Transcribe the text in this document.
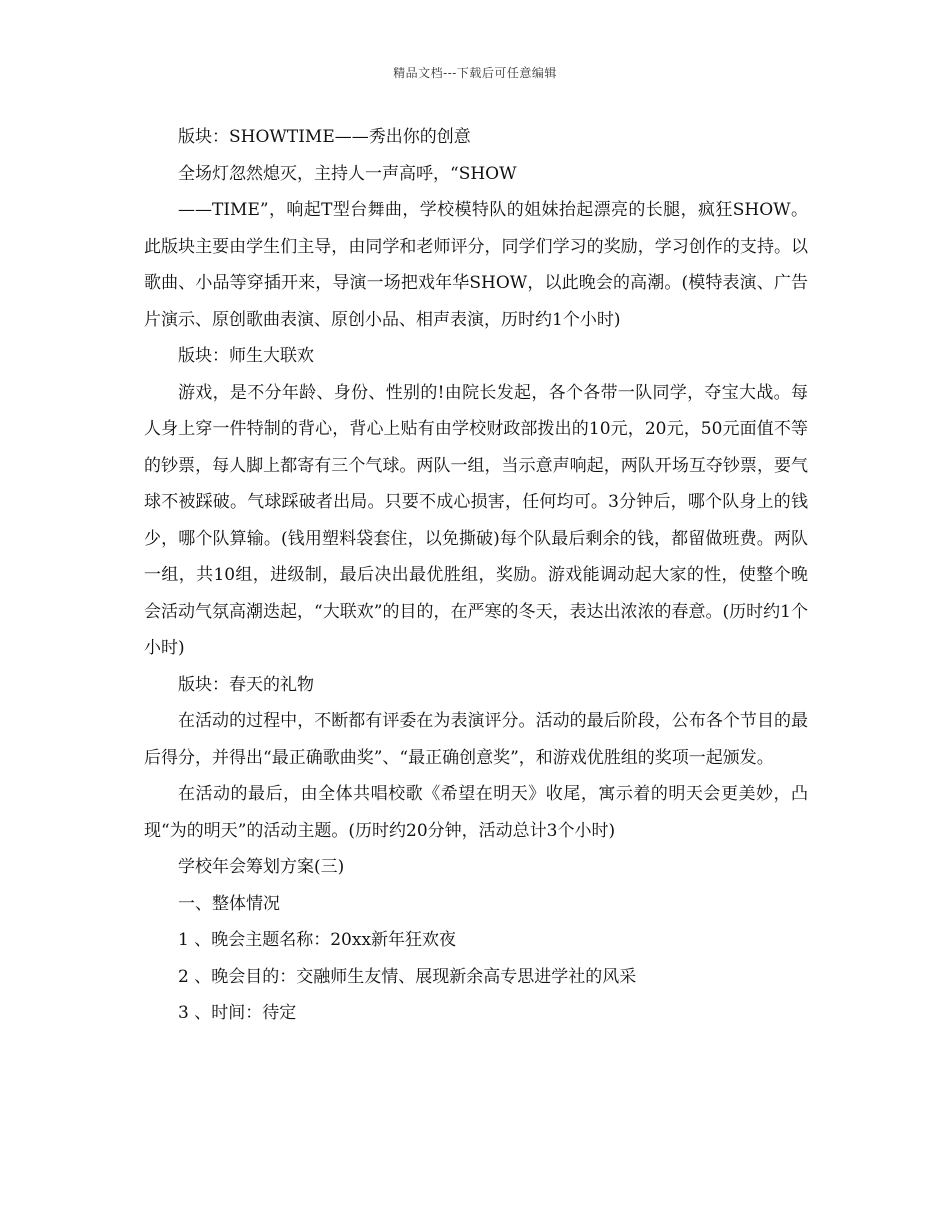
精品文档---下载后可任意编辑

版块：SHOWTIME——秀出你的创意

全场灯忽然熄灭，主持人一声高呼，“SHOW

——TIME”，响起T型台舞曲，学校模特队的姐妹抬起漂亮的长腿，疯狂SHOW。此版块主要由学生们主导，由同学和老师评分，同学们学习的奖励，学习创作的支持。以歌曲、小品等穿插开来，导演一场把戏年华SHOW，以此晚会的高潮。(模特表演、广告片演示、原创歌曲表演、原创小品、相声表演，历时约1个小时)

版块：师生大联欢

游戏，是不分年龄、身份、性别的!由院长发起，各个各带一队同学，夺宝大战。每人身上穿一件特制的背心，背心上贴有由学校财政部拨出的10元，20元，50元面值不等的钞票，每人脚上都寄有三个气球。两队一组，当示意声响起，两队开场互夺钞票，要气球不被踩破。气球踩破者出局。只要不成心损害，任何均可。3分钟后，哪个队身上的钱少，哪个队算输。(钱用塑料袋套住，以免撕破)每个队最后剩余的钱，都留做班费。两队一组，共10组，进级制，最后决出最优胜组，奖励。游戏能调动起大家的性，使整个晚会活动气氛高潮迭起，“大联欢”的目的，在严寒的冬天，表达出浓浓的春意。(历时约1个小时)

版块：春天的礼物

在活动的过程中，不断都有评委在为表演评分。活动的最后阶段，公布各个节目的最后得分，并得出“最正确歌曲奖”、“最正确创意奖”，和游戏优胜组的奖项一起颁发。

在活动的最后，由全体共唱校歌《希望在明天》收尾，寓示着的明天会更美妙，凸现“为的明天”的活动主题。(历时约20分钟，活动总计3个小时)

学校年会筹划方案(三)

一、整体情况

1 、晚会主题名称：20xx新年狂欢夜

2 、晚会目的：交融师生友情、展现新余高专思进学社的风采

3 、时间：待定
